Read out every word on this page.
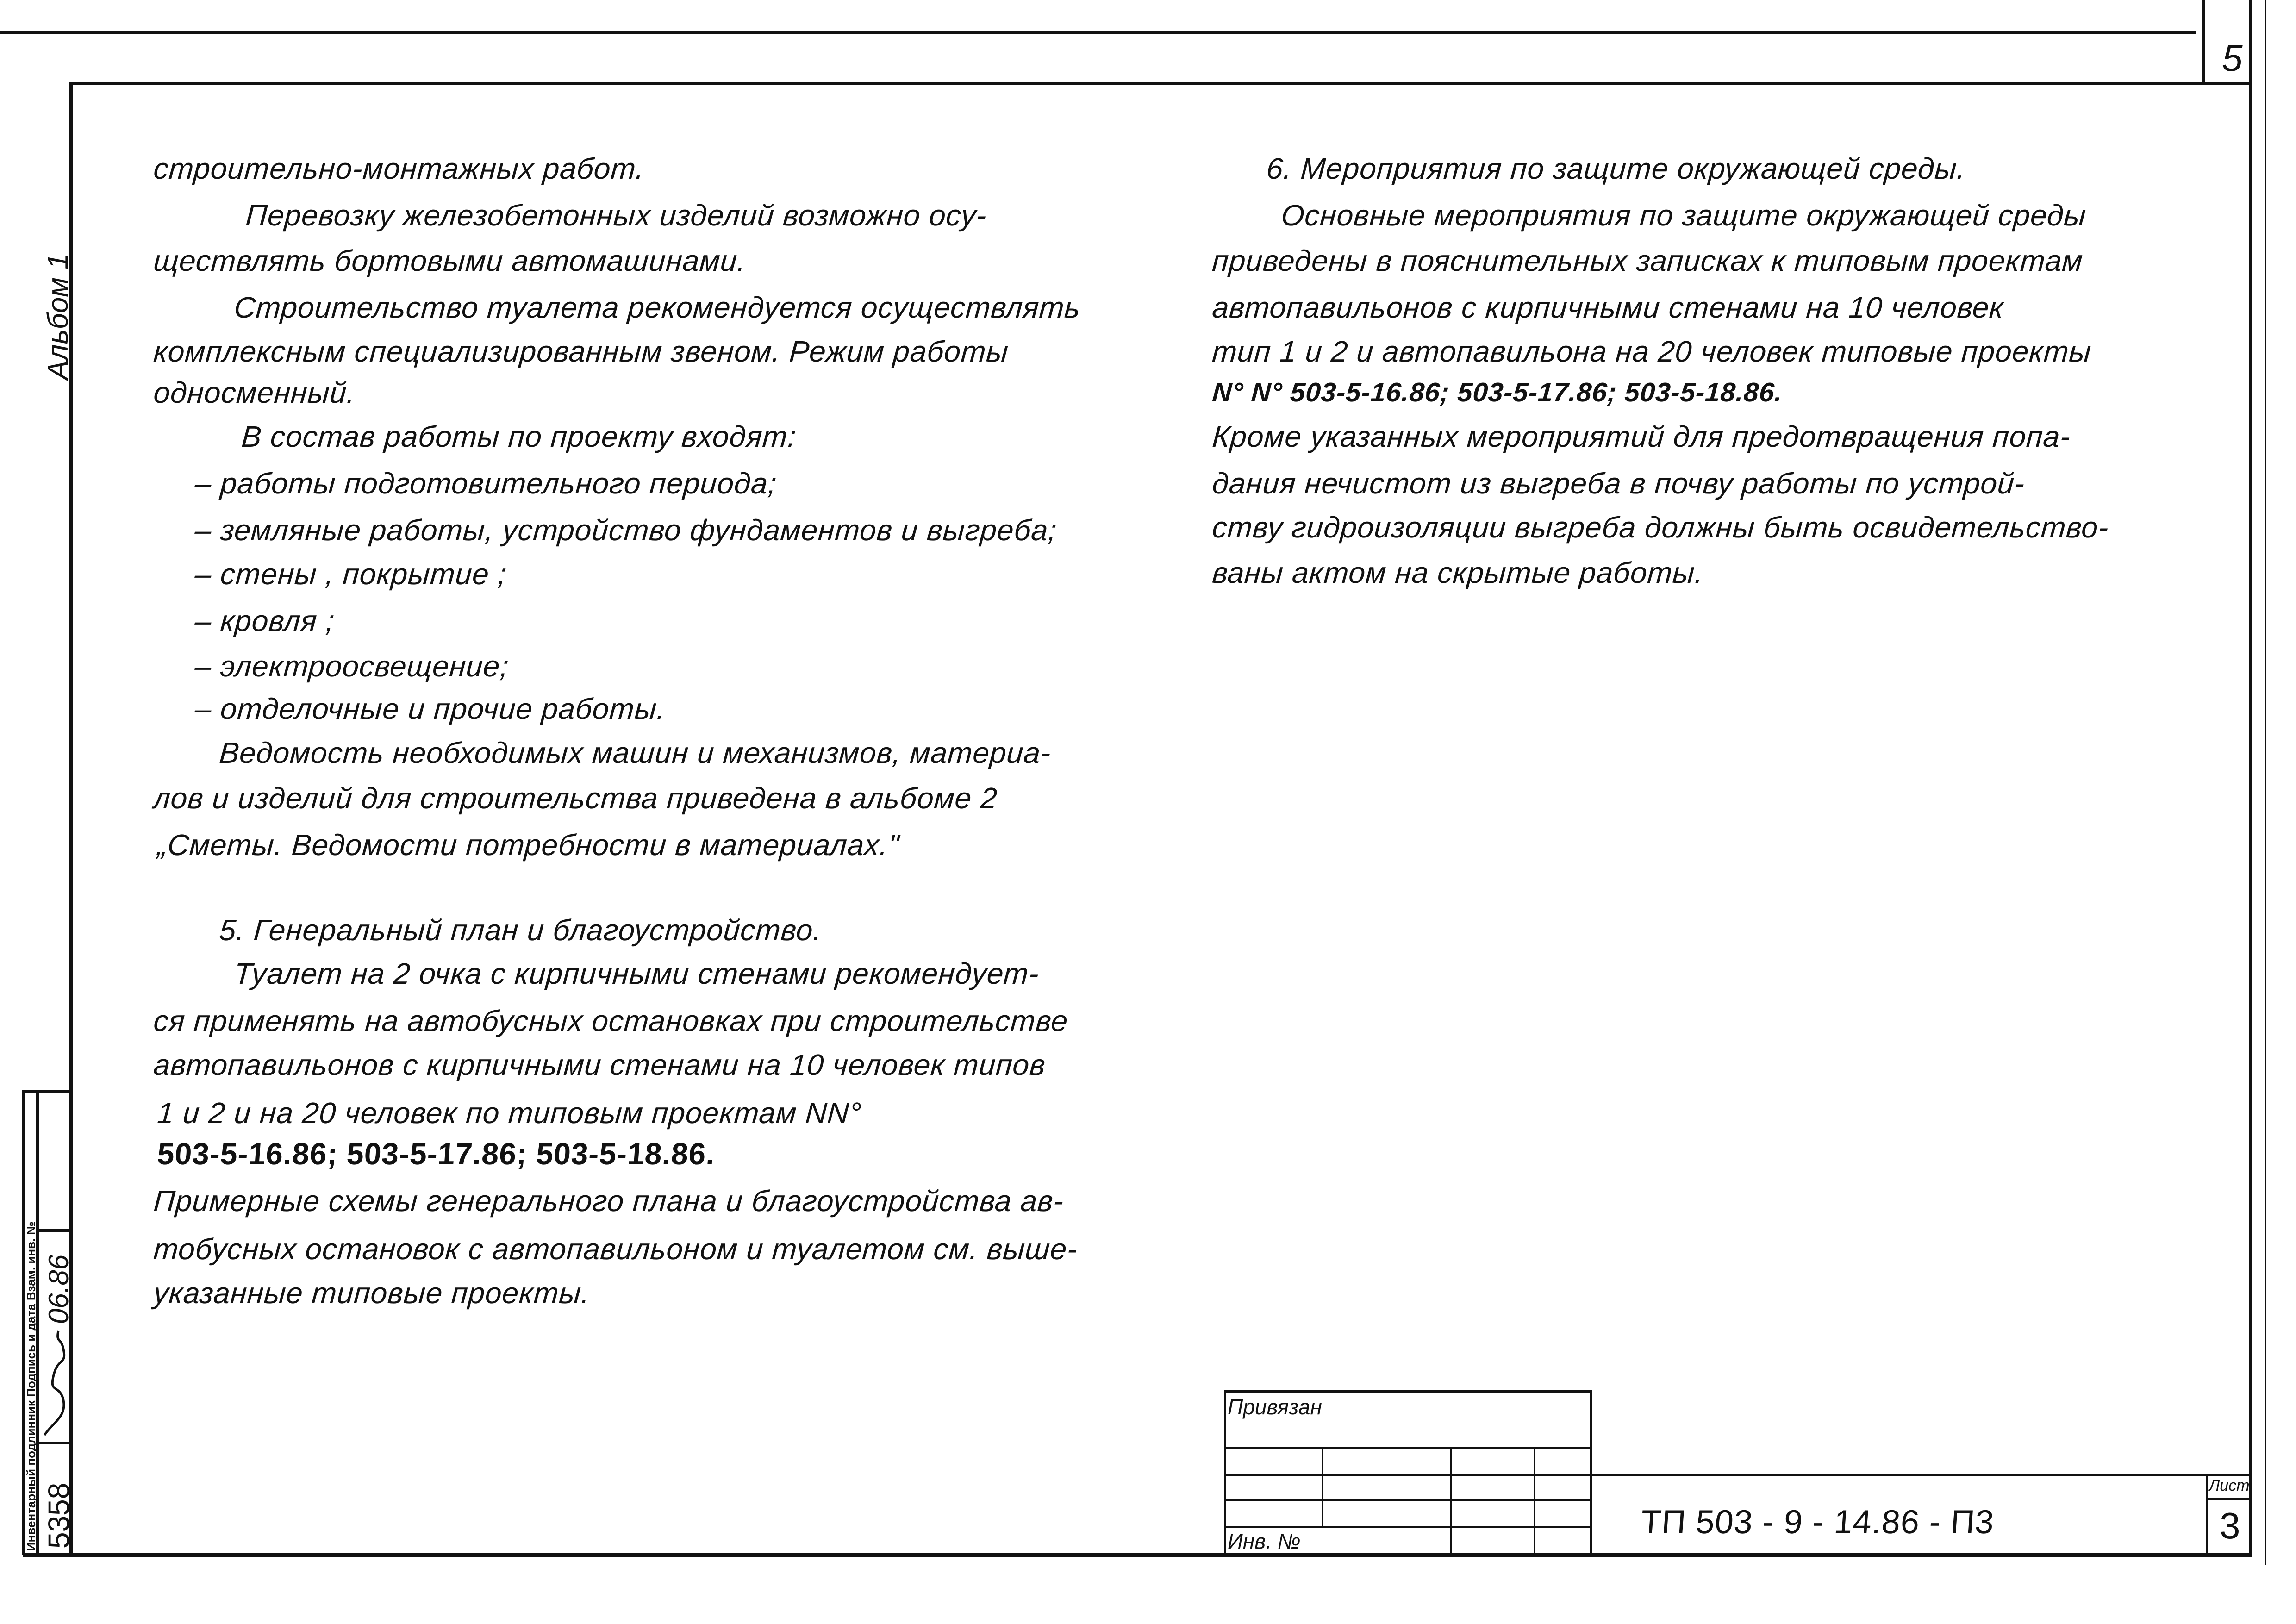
5
Альбом 1
Инвентарный подлинник Подпись и дата Взам. инв. № 5358
06.86
строительно-монтажных работ.
Перевозку железобетонных изделий возможно осу-
ществлять бортовыми автомашинами.
Строительство туалета рекомендуется осуществлять
комплексным специализированным звеном. Режим работы
односменный.
В состав работы по проекту входят:
– работы подготовительного периода;
– земляные работы, устройство фундаментов и выгреба;
– стены , покрытие ;
– кровля ;
– электроосвещение;
– отделочные и прочие работы.
Ведомость необходимых машин и механизмов, материа-
лов и изделий для строительства приведена в альбоме 2
„Сметы. Ведомости потребности в материалах."
5. Генеральный план и благоустройство.
Туалет на 2 очка с кирпичными стенами рекомендует-
ся применять на автобусных остановках при строительстве
автопавильонов с кирпичными стенами на 10 человек типов
1 и 2 и на 20 человек по типовым проектам NN°
503-5-16.86; 503-5-17.86; 503-5-18.86.
Примерные схемы генерального плана и благоустройства ав-
тобусных остановок с автопавильоном и туалетом см. выше-
указанные типовые проекты.
6. Мероприятия по защите окружающей среды.
Основные мероприятия по защите окружающей среды
приведены в пояснительных записках к типовым проектам
автопавильонов с кирпичными стенами на 10 человек
тип 1 и 2 и автопавильона на 20 человек типовые проекты
N° N° 503-5-16.86; 503-5-17.86; 503-5-18.86.
Кроме указанных мероприятий для предотвращения попа-
дания нечистот из выгреба в почву работы по устрой-
ству гидроизоляции выгреба должны быть освидетельство-
ваны актом на скрытые работы.
Привязан
Инв. №
ТП 503 - 9 - 14.86 - П3
Лист
3
